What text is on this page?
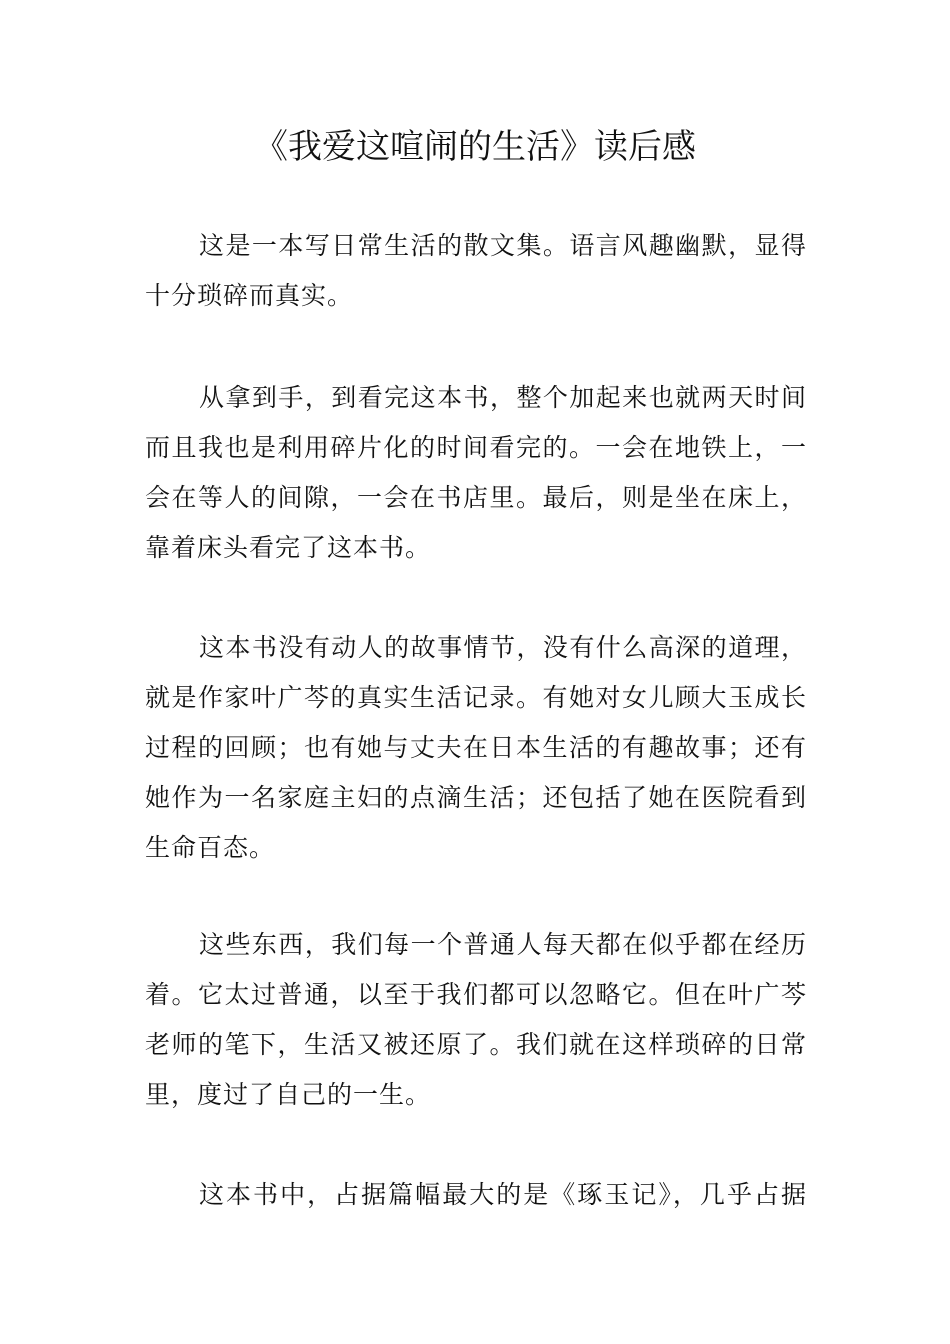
《我爱这喧闹的生活》读后感
这是一本写日常生活的散文集。语言风趣幽默，显得
十分琐碎而真实。
从拿到手，到看完这本书，整个加起来也就两天时间
而且我也是利用碎片化的时间看完的。一会在地铁上，一
会在等人的间隙，一会在书店里。最后，则是坐在床上，
靠着床头看完了这本书。
这本书没有动人的故事情节，没有什么高深的道理，
就是作家叶广芩的真实生活记录。有她对女儿顾大玉成长
过程的回顾；也有她与丈夫在日本生活的有趣故事；还有
她作为一名家庭主妇的点滴生活；还包括了她在医院看到
生命百态。
这些东西，我们每一个普通人每天都在似乎都在经历
着。它太过普通，以至于我们都可以忽略它。但在叶广芩
老师的笔下，生活又被还原了。我们就在这样琐碎的日常
里，度过了自己的一生。
这本书中，占据篇幅最大的是《琢玉记》，几乎占据
